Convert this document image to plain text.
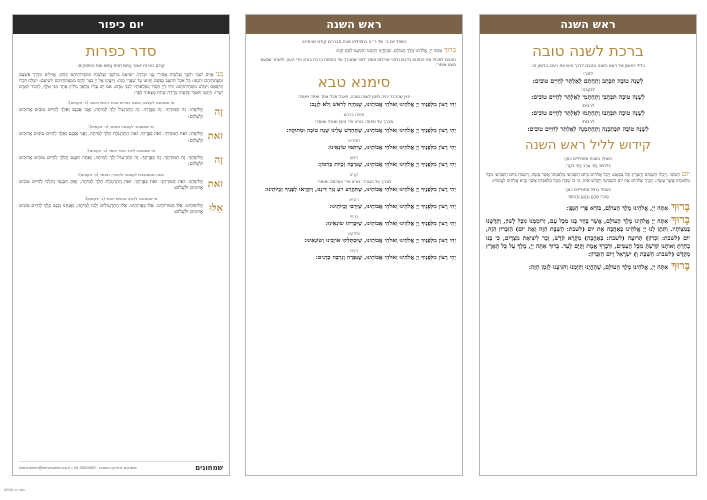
יום כיפור
סדר כפרות
קודם כפרות יאמר נַפְשׁוֹ תחת נַפְשׁוֹ ואת הפסוקים:
בְּנֵיאָדָם יֹשְׁבֵי חֹשֶׁךְ וְצַלְמָוֶת אֲסִירֵי עֳנִי וּבַרְזֶל: יוֹצִיאֵם מֵחֹשֶׁךְ וְצַלְמָוֶת וּמוֹסְרוֹתֵיהֶם יְנַתֵּק: אֱוִילִים מִדֶּרֶךְ פִּשְׁעָם וּמֵעֲוֹנֹתֵיהֶם יִתְעַנּוּ: כָּל אֹכֶל תְּתַעֵב נַפְשָׁם וַיַּגִּיעוּ עַד שַׁעֲרֵי מָוֶת: וַיִּזְעֲקוּ אֶל יְיָ בַּצַּר לָהֶם מִמְּצֻקוֹתֵיהֶם יוֹשִׁיעֵם: יִשְׁלַח דְּבָרוֹ וְיִרְפָּאֵם וִימַלֵּט מִשְּׁחִיתוֹתָם: יוֹדוּ לַיְיָ חַסְדּוֹ וְנִפְלְאוֹתָיו לִבְנֵי אָדָם: אִם יֵשׁ עָלָיו מַלְאָךְ מֵלִיץ אֶחָד מִנִּי אָלֶף, לְהַגִּיד לְאָדָם יָשְׁרוֹ: וַיְחֻנֶּנּוּ וַיֹּאמֶר פְּדָעֵהוּ מֵרֶדֶת שַׁחַת מָצָאתִי כֹפֶר:
מי שמסובב לעצמו, יסובב כפרות סביב ראשו ויאמר (ג׳ פעמים):
זֶה
חֲלִיפָתִי. זֶה תְּמוּרָתִי. זֶה כַּפָּרָתִי. זֶה הַתַּרְנְגוֹל יֵלֵךְ לְמִיתָה, וַאֲנִי אֶכָּנֵס וְאֵלֵךְ לְחַיִּים טוֹבִים אֲרוּכִים וּלְשָׁלוֹם:
מי שמסובב לעצמה תאמר (ג׳ פעמים):
זֹאת
חֲלִיפָתִי. זֹאת תְּמוּרָתִי. זֹאת כַּפָּרָתִי. זֹאת הַתַּרְנְגֹלֶת תֵּלֵךְ לְמִיתָה, וַאֲנִי אֶכָּנֵס וְאֵלֵךְ לְחַיִּים טוֹבִים אֲרוּכִים וּלְשָׁלוֹם:
מי שמסובב לזכר אחר יאמר (ג׳ פעמים):
זֶה
חֲלִיפָתְךָ. זֶה תְּמוּרָתְךָ. זֶה כַּפָּרָתְךָ. זֶה הַתַּרְנְגוֹל יֵלֵךְ לְמִיתָה, וְאַתָּה תִּכָּנֵס וְתֵלֵךְ לְחַיִּים טוֹבִים אֲרוּכִים וּלְשָׁלוֹם:
אשה שמסובבת לעצמה ולאחר, תאמר (ג׳ פעמים):
זֹאת
חֲלִיפָתֵךְ. זֹאת תְּמוּרָתֵךְ. זֹאת כַּפָּרָתֵךְ. זֹאת הַתַּרְנְגֹלֶת תֵּלֵךְ לְמִיתָה, וְאַתְּ תִּכָּנְסִי וְתֵלְכִי לְחַיִּים טוֹבִים אֲרוּכִים וּלְשָׁלוֹם:
מי שמסובב לכמה אנשים יאמר (ג׳ פעמים):
אֵלּוּ
חֲלִיפוֹתֵינוּ. אֵלּוּ תְּמוּרוֹתֵינוּ. אֵלּוּ כַּפָּרוֹתֵינוּ. אֵלּוּ הַתַּרְנְגוֹלִים יֵלְכוּ לְמִיתָה, וַאֲנַחְנוּ נִכָּנֵס וְנֵלֵךְ לְחַיִּים טוֹבִים אֲרוּכִים וּלְשָׁלוֹם:
שמחונים
משווקים יודאיקה ומתנות - 03-0000000 | simchonim@simchonim.co.il
מק״ט: 4040
ראש השנה
כשחל יום ב׳ של ר״ה בתחילתו שבת מברכים קודם שהחיינו:
בָּרוּךְאַתָּה יְיָ, אֱלֹהֵינוּ מֶלֶךְ הָעוֹלָם, שֶׁהֶחֱיָנוּ וְקִיְּמָנוּ וְהִגִּיעָנוּ לַזְּמַן הַזֶּה:
נוהגים לאכול את התפוח בדבש ולפני אכילתו אומר לפני שמברך על התפוח ברכת בורא פרי העץ, ולאחר שטעם מעט אומר:
סימנא טבא
יכוין שהדבר יהיה סימן לשנה טובה, ויאכל מכל אחד ואחד ויאמר:
יְהִי רָצוֹן מִלְּפָנֶיךָ יְיָ אֱלֹהֵינוּ וֵאלֹהֵי אֲבוֹתֵינוּ, שֶׁנִּהְיֶה לְרֹאשׁ וְלֹא לְזָנָב:
תפוח בדבש
מברך על תפוח: בורא פרי העץ ואוכל ואומר:
יְהִי רָצוֹן מִלְּפָנֶיךָ יְיָ אֱלֹהֵינוּ וֵאלֹהֵי אֲבוֹתֵינוּ, שֶׁתְּחַדֵּשׁ עָלֵינוּ שָׁנָה טוֹבָה וּמְתוּקָה:
תמרים
יְהִי רָצוֹן מִלְּפָנֶיךָ יְיָ אֱלֹהֵינוּ וֵאלֹהֵי אֲבוֹתֵינוּ, שֶׁיִּתַּמּוּ שׂוֹנְאֵינוּ:
רימון
יְהִי רָצוֹן מִלְּפָנֶיךָ יְיָ אֱלֹהֵינוּ וֵאלֹהֵי אֲבוֹתֵינוּ, שֶׁנִּרְבֶּה זְכֻיּוֹת כְּרִמּוֹן:
קרא
מברך על הגורד: בורא פרי האדמה ואומר:
יְהִי רָצוֹן מִלְּפָנֶיךָ יְיָ אֱלֹהֵינוּ וֵאלֹהֵי אֲבוֹתֵינוּ, שֶׁתִּקְרַע רֹעַ גְּזַר דִּינֵנוּ, וְיִקָּרְאוּ לְפָנֶיךָ זְכֻיּוֹתֵינוּ:
רוביא
יְהִי רָצוֹן מִלְּפָנֶיךָ יְיָ אֱלֹהֵינוּ וֵאלֹהֵי אֲבוֹתֵינוּ, שֶׁיִּרְבּוּ זְכֻיּוֹתֵינוּ:
כרתי
יְהִי רָצוֹן מִלְּפָנֶיךָ יְיָ אֱלֹהֵינוּ וֵאלֹהֵי אֲבוֹתֵינוּ, שֶׁיִּכָּרְתוּ שׂוֹנְאֵינוּ:
סילקא
יְהִי רָצוֹן מִלְּפָנֶיךָ יְיָ אֱלֹהֵינוּ וֵאלֹהֵי אֲבוֹתֵינוּ, שֶׁיִּסְתַּלְּקוּ אוֹיְבֵינוּ וְשׂוֹנְאֵינוּ:
דגים
יְהִי רָצוֹן מִלְּפָנֶיךָ יְיָ אֱלֹהֵינוּ וֵאלֹהֵי אֲבוֹתֵינוּ, שֶׁנִּפְרֶה וְנִרְבֶּה כְּדָגִים:
ראש השנה
ברכת לשנה טובה
בליל ראשון של ראש השנה נוהגים לברך איש את רעהו בלשון זה:
לזכר:
לְשָׁנָה טוֹבָה תִּכָּתֵב וְתֵחָתֵם לְאַלְתַּר לְחַיִּים טוֹבִים:
לנקבה:
לְשָׁנָה טוֹבָה תִּכָּתְבִי וְתֵחָתְמִי לְאַלְתַּר לְחַיִּים טוֹבִים:
לרבים:
לְשָׁנָה טוֹבָה תִּכָּתְבוּ וְתֵחָתְמוּ לְאַלְתַּר לְחַיִּים טוֹבִים:
לרבות:
לְשָׁנָה טוֹבָה תִּכָּתַבְנָה וְתֵחָתַמְנָה לְאַלְתַּר לְחַיִּים טוֹבִים:
קידוש לליל ראש השנה
כשחל בשבת מתחילים כאן:
בלחש: וַיְהִי עֶרֶב וַיְהִי בֹקֶר:
יוֹםהַשִּׁשִּׁי. וַיְכֻלּוּ הַשָּׁמַיִם וְהָאָרֶץ וְכָל צְבָאָם: וַיְכַל אֱלֹהִים בַּיּוֹם הַשְּׁבִיעִי מְלַאכְתּוֹ אֲשֶׁר עָשָׂה, וַיִּשְׁבֹּת בַּיּוֹם הַשְּׁבִיעִי מִכָּל מְלַאכְתּוֹ אֲשֶׁר עָשָׂה: וַיְבָרֶךְ אֱלֹהִים אֶת יוֹם הַשְּׁבִיעִי וַיְקַדֵּשׁ אֹתוֹ, כִּי בוֹ שָׁבַת מִכָּל מְלַאכְתּוֹ אֲשֶׁר בָּרָא אֱלֹהִים לַעֲשׂוֹת:
כשחל בחול מתחילים כאן:
סַבְרִי מָרָנָן וְרַבָּנָן וְרַבּוֹתַי:
בָּרוּךְאַתָּה יְיָ, אֱלֹהֵינוּ מֶלֶךְ הָעוֹלָם, בּוֹרֵא פְּרִי הַגָּפֶן:
בָּרוּךְאַתָּה יְיָ אֱלֹהֵינוּ מֶלֶךְ הָעוֹלָם, אֲשֶׁר בָּחַר בָּנוּ מִכָּל עָם, וְרוֹמְמָנוּ מִכָּל לָשׁוֹן, וְקִדְּשָׁנוּ בְּמִצְוֹתָיו. וַתִּתֶּן לָנוּ יְיָ אֱלֹהֵינוּ בְּאַהֲבָה אֶת יוֹם (לשבת: הַשַּׁבָּת הַזֶּה וְאֶת יוֹם) הַזִּכָּרוֹן הַזֶּה, יוֹם (לשבת: זִכְרוֹן) תְּרוּעָה (לשבת: בְּאַהֲבָה) מִקְרָא קֹדֶשׁ, זֵכֶר לִיצִיאַת מִצְרָיִם, כִּי בָנוּ בָחַרְתָּ וְאוֹתָנוּ קִדַּשְׁתָּ מִכָּל הָעַמִּים, וּדְבָרְךָ אֱמֶת וְקַיָּם לָעַד. בָּרוּךְ אַתָּה יְיָ, מֶלֶךְ עַל כָּל הָאָרֶץ מְקַדֵּשׁ (לשבת: הַשַּׁבָּת וְ) יִשְׂרָאֵל וְיוֹם הַזִּכָּרוֹן:
בָּרוּךְאַתָּה יְיָ, אֱלֹהֵינוּ מֶלֶךְ הָעוֹלָם, שֶׁהֶחֱיָנוּ וְקִיְּמָנוּ וְהִגִּיעָנוּ לַזְּמַן הַזֶּה:
